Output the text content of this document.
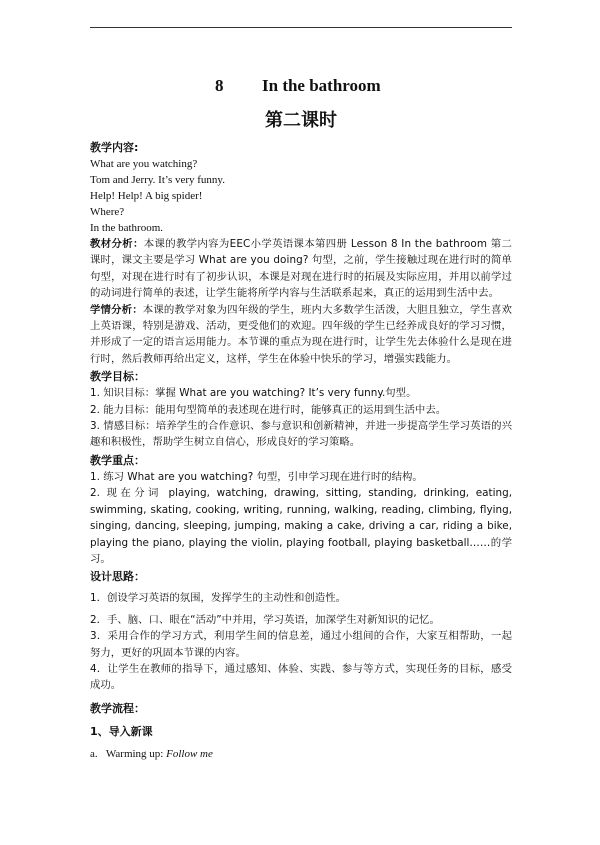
8 In the bathroom
第二课时
教学内容:
What are you watching?
Tom and Jerry. It’s very funny.
Help! Help! A big spider!
Where?
In the bathroom.
教材分析：本课的教学内容为EEC小学英语课本第四册 Lesson 8 In the bathroom 第二课时，课文主要是学习 What are you doing? 句型，之前，学生接触过现在进行时的简单句型，对现在进行时有了初步认识，本课是对现在进行时的拓展及实际应用，并用以前学过的动词进行简单的表述，让学生能将所学内容与生活联系起来，真正的运用到生活中去。
学情分析：本课的教学对象为四年级的学生，班内大多数学生活泼，大胆且独立，学生喜欢上英语课，特别是游戏、活动，更受他们的欢迎。四年级的学生已经养成良好的学习习惯，并形成了一定的语言运用能力。本节课的重点为现在进行时，让学生先去体验什么是现在进行时，然后教师再给出定义，这样，学生在体验中快乐的学习，增强实践能力。
教学目标：
1. 知识目标：掌握 What are you watching? It’s very funny.句型。
2. 能力目标：能用句型简单的表述现在进行时，能够真正的运用到生活中去。
3. 情感目标：培养学生的合作意识、参与意识和创新精神，并进一步提高学生学习英语的兴趣和积极性，帮助学生树立自信心，形成良好的学习策略。
教学重点：
1. 练习 What are you watching? 句型，引申学习现在进行时的结构。
2. 现在分词 playing, watching, drawing, sitting, standing, drinking, eating, swimming, skating, cooking, writing, running, walking, reading, climbing, flying, singing, dancing, sleeping, jumping, making a cake, driving a car, riding a bike, playing the piano, playing the violin, playing football, playing basketball……的学习。
设计思路：
1．创设学习英语的氛围，发挥学生的主动性和创造性。
2．手、脑、口、眼在“活动”中并用，学习英语，加深学生对新知识的记忆。
3．采用合作的学习方式，利用学生间的信息差，通过小组间的合作，大家互相帮助，一起努力，更好的巩固本节课的内容。
4．让学生在教师的指导下，通过感知、体验、实践、参与等方式，实现任务的目标，感受成功。
教学流程：
1、导入新课
a. Warming up: Follow me
